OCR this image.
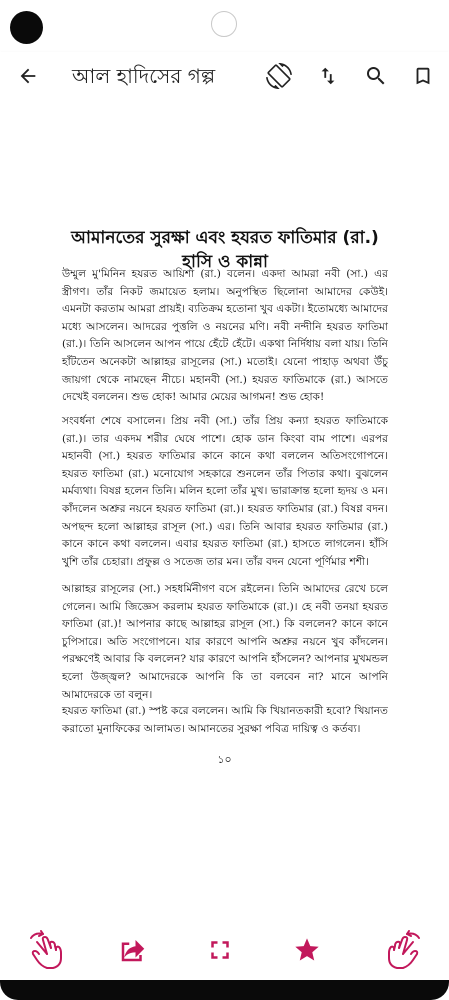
আল হাদিসের গল্প
আমানতের সুরক্ষা এবং হযরত ফাতিমার (রা.) হাসি ও কান্না

উম্মুল মু'মিনিন হযরত আয়িশা (রা.) বলেন। একদা আমরা নবী (সা.) এর স্ত্রীগণ। তাঁর নিকট জমায়েত হলাম। অনুপস্থিত ছিলোনা আমাদের কেউই। এমনটা করতাম আমরা প্রায়ই। ব্যতিক্রম হতোনা খুব একটা। ইতোমধ্যে আমাদের মধ্যে আসলেন। আদরের পুত্তলি ও নয়নের মণি। নবী নন্দীনি হযরত ফাতিমা (রা.)। তিনি আসলেন আপন পায়ে হেঁটে হেঁটে। একথা নির্দিধায় বলা যায়। তিনি হাঁটতেন অনেকটা আল্লাহর রাসূলের (সা.) মতোই। যেনো পাহাড় অথবা উঁচু জায়গা থেকে নামছেন নীচে। মহানবী (সা.) হযরত ফাতিমাকে (রা.) আসতে দেখেই বললেন। শুভ হোক! আমার মেয়ের আগমন! শুভ হোক!

সংবর্ধনা শেষে বসালেন। প্রিয় নবী (সা.) তাঁর প্রিয় কন্যা হযরত ফাতিমাকে (রা.)। তার একদম শরীর ঘেষে পাশে। হোক ডান কিংবা বাম পাশে। এরপর মহানবী (সা.) হযরত ফাতিমার কানে কানে কথা বললেন অতিসংগোপনে। হযরত ফাতিমা (রা.) মনোযোগ সহকারে শুনলেন তাঁর পিতার কথা। বুঝলেন মর্মব্যথা। বিষণ্ণ হলেন তিনি। মলিন হলো তাঁর মুখ। ভারাক্রান্ত হলো হৃদয় ও মন। কাঁদলেন অশ্রুর নয়নে হযরত ফাতিমা (রা.)। হযরত ফাতিমার (রা.) বিষণ্ণ বদন। অপছন্দ হলো আল্লাহর রাসূল (সা.) এর। তিনি আবার হযরত ফাতিমার (রা.) কানে কানে কথা বললেন। এবার হযরত ফাতিমা (রা.) হাসতে লাগলেন। হাঁসি খুশি তাঁর চেহারা। প্রফুল্ল ও সতেজ তার মন। তাঁর বদন যেনো পূর্ণিমার শশী।

আল্লাহর রাসূলের (সা.) সহধর্মিনীগণ বসে রইলেন। তিনি আমাদের রেখে চলে গেলেন। আমি জিজ্ঞেস করলাম হযরত ফাতিমাকে (রা.)। হে নবী তনয়া হযরত ফাতিমা (রা.)! আপনার কাছে আল্লাহর রাসূল (সা.) কি বললেন? কানে কানে চুপিসারে। অতি সংগোপনে। যার কারণে আপনি অশ্রুর নয়নে খুব কাঁদলেন। পরক্ষণেই আবার কি বললেন? যার কারণে আপনি হাঁসলেন? আপনার মুখমন্ডল হলো উজ্জ্বল? আমাদেরকে আপনি কি তা বলবেন না? মানে আপনি আমাদেরকে তা বলুন।

হযরত ফাতিমা (রা.) স্পষ্ট করে বললেন। আমি কি খিয়ানতকারী হবো? খিয়ানত করাতো মুনাফিকের আলামত। আমানতের সুরক্ষা পবিত্র দায়িত্ব ও কর্তব্য।

১০
